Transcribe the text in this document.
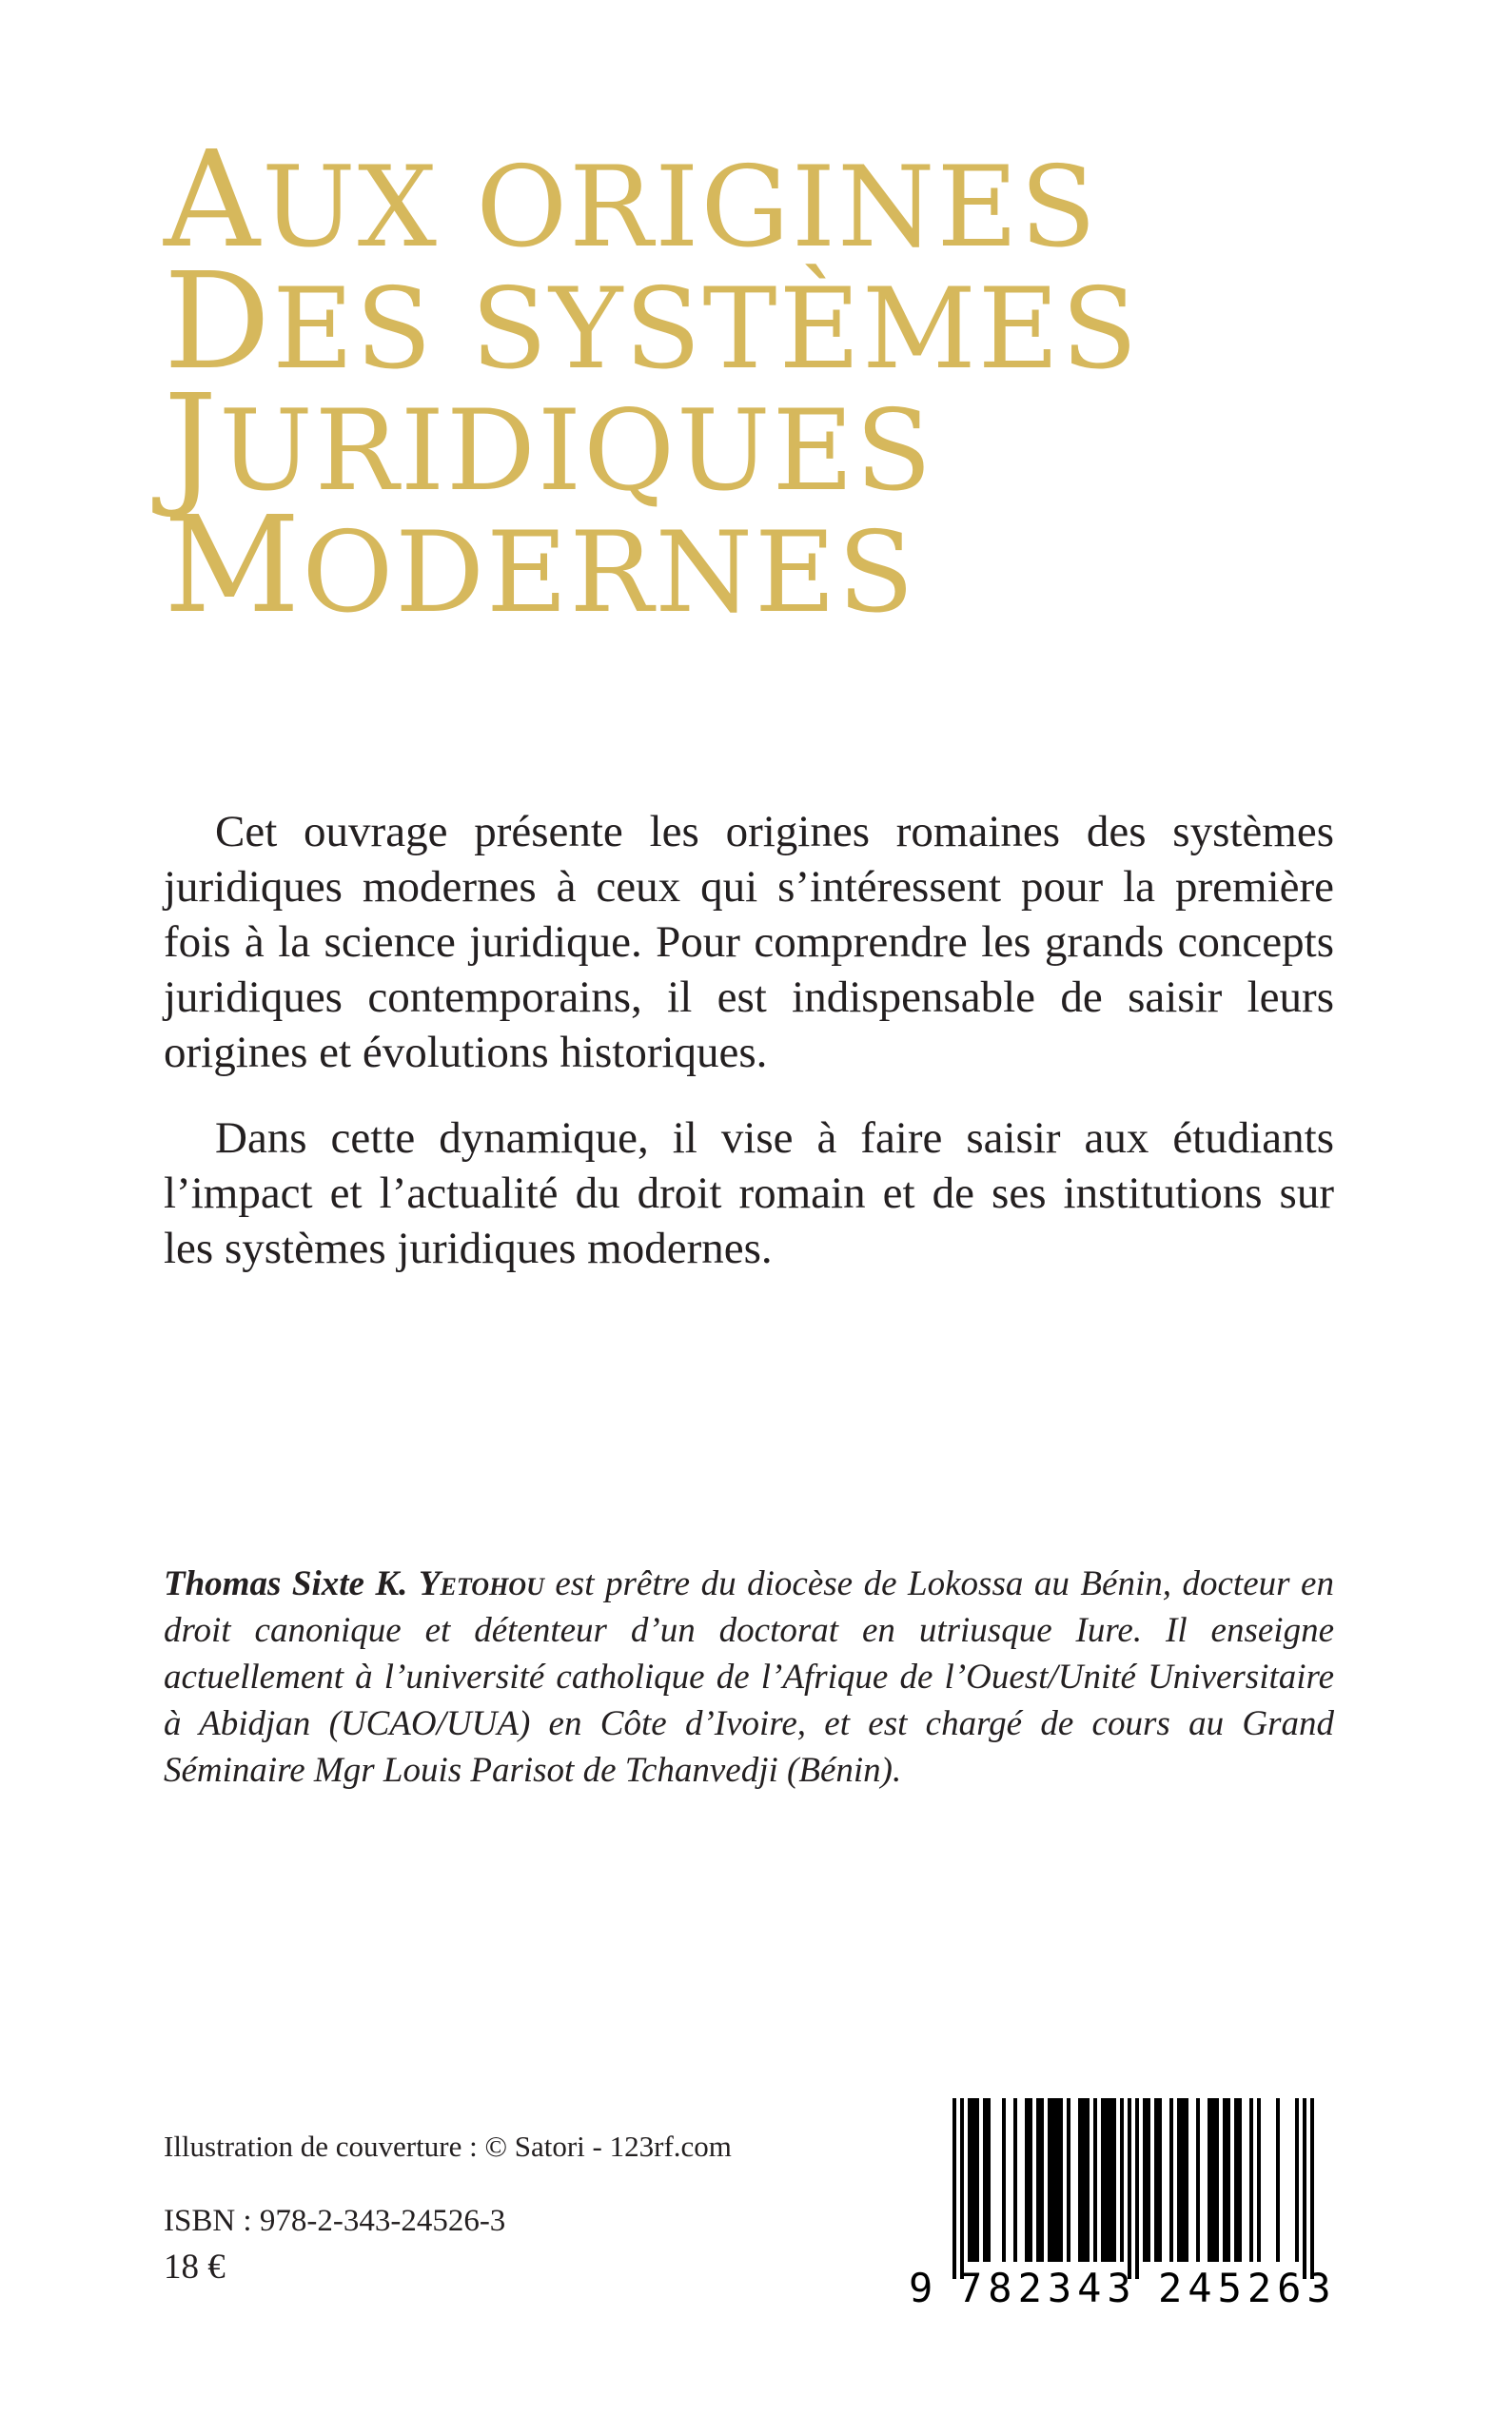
AUX ORIGINES
DES SYSTÈMES
JURIDIQUES
MODERNES

Cet ouvrage présente les origines romaines des systèmes juridiques modernes à ceux qui s’intéressent pour la première fois à la science juridique. Pour comprendre les grands concepts juridiques contemporains, il est indispensable de saisir leurs origines et évolutions historiques.

Dans cette dynamique, il vise à faire saisir aux étudiants l’impact et l’actualité du droit romain et de ses institutions sur les systèmes juridiques modernes.

Thomas Sixte K. Yetohou est prêtre du diocèse de Lokossa au Bénin, docteur en droit canonique et détenteur d’un doctorat en utriusque Iure. Il enseigne actuellement à l’université catholique de l’Afrique de l’Ouest/Unité Universitaire à Abidjan (UCAO/UUA) en Côte d’Ivoire, et est chargé de cours au Grand Séminaire Mgr Louis Parisot de Tchanvedji (Bénin).

Illustration de couverture : © Satori - 123rf.com
ISBN : 978-2-343-24526-3
18 €	9 782343 245263
